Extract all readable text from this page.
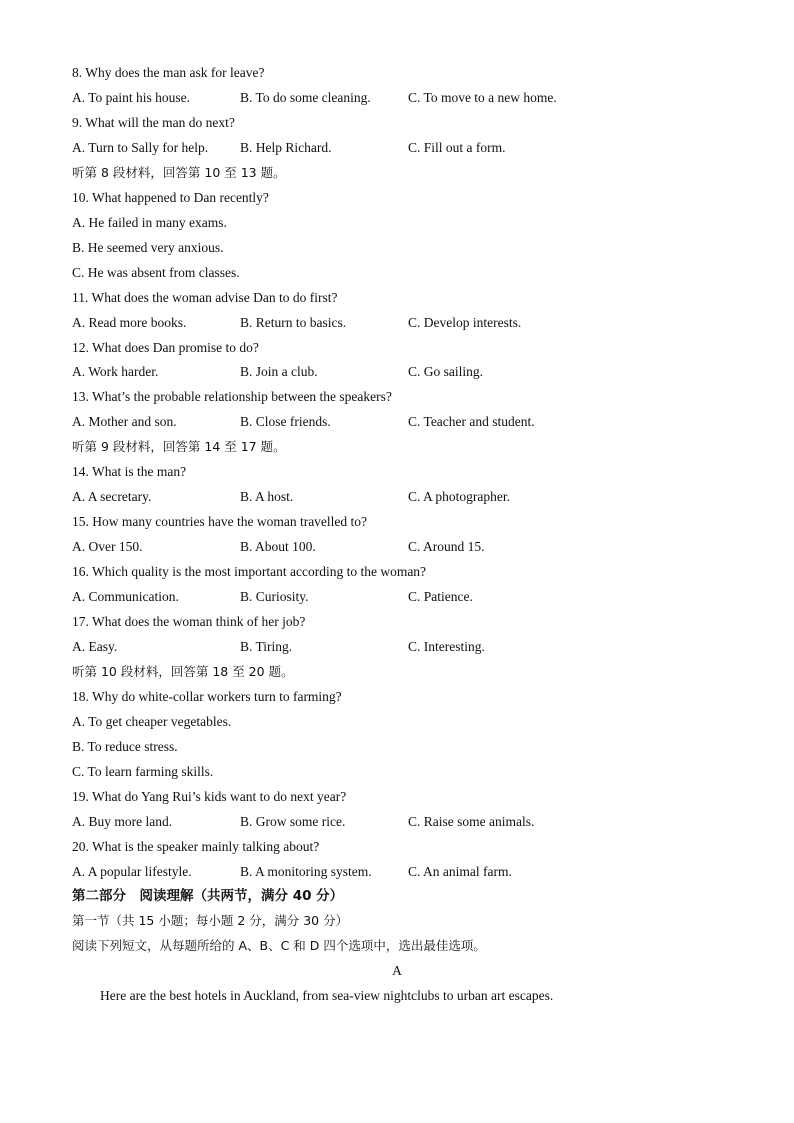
8. Why does the man ask for leave?
A. To paint his house.	B. To do some cleaning.	C. To move to a new home.
9. What will the man do next?
A. Turn to Sally for help. B. Help Richard.	C. Fill out a form.
听第 8 段材料，回答第 10 至 13 题。
10. What happened to Dan recently?
A. He failed in many exams.
B. He seemed very anxious.
C. He was absent from classes.
11. What does the woman advise Dan to do first?
A. Read more books.	B. Return to basics.	C. Develop interests.
12. What does Dan promise to do?
A. Work harder.	B. Join a club.	C. Go sailing.
13. What’s the probable relationship between the speakers?
A. Mother and son.	B. Close friends.	C. Teacher and student.
听第 9 段材料，回答第 14 至 17 题。
14. What is the man?
A. A secretary.	B. A host.	C. A photographer.
15. How many countries have the woman travelled to?
A. Over 150.	B. About 100.	C. Around 15.
16. Which quality is the most important according to the woman?
A. Communication.	B. Curiosity.	C. Patience.
17. What does the woman think of her job?
A. Easy.	B. Tiring.	C. Interesting.
听第 10 段材料，回答第 18 至 20 题。
18. Why do white-collar workers turn to farming?
A. To get cheaper vegetables.
B. To reduce stress.
C. To learn farming skills.
19. What do Yang Rui’s kids want to do next year?
A. Buy more land.	B. Grow some rice.	C. Raise some animals.
20. What is the speaker mainly talking about?
A. A popular lifestyle.	B. A monitoring system.	C. An animal farm.
第二部分　阅读理解（共两节，满分 40 分）
第一节（共 15 小题；每小题 2 分，满分 30 分）
阅读下列短文，从每题所给的 A、B、C 和 D 四个选项中，选出最佳选项。
A
Here are the best hotels in Auckland, from sea-view nightclubs to urban art escapes.
